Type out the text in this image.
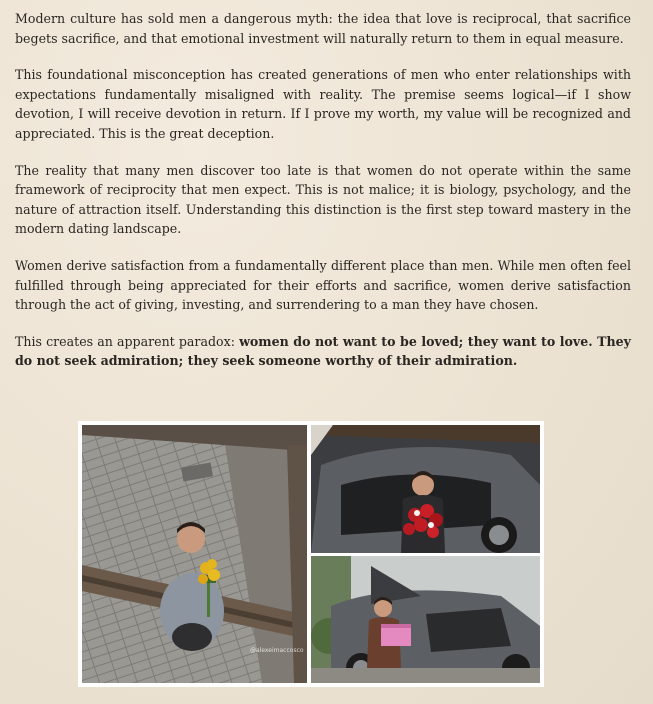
Modern culture has sold men a dangerous myth: the idea that love is reciprocal, that sacrifice begets sacrifice, and that emotional investment will naturally return to them in equal measure.

This foundational misconception has created generations of men who enter relationships with expectations fundamentally misaligned with reality. The premise seems logical—if I show devotion, I will receive devotion in return. If I prove my worth, my value will be recognized and appreciated. This is the great deception.

The reality that many men discover too late is that women do not operate within the same framework of reciprocity that men expect. This is not malice; it is biology, psychology, and the nature of attraction itself. Understanding this distinction is the first step toward mastery in the modern dating landscape.

Women derive satisfaction from a fundamentally different place than men. While men often feel fulfilled through being appreciated for their efforts and sacrifice, women derive satisfaction through the act of giving, investing, and surrendering to a man they have chosen.

This creates an apparent paradox: women do not want to be loved; they want to love. They do not seek admiration; they seek someone worthy of their admiration.

@alexeimaccosco
